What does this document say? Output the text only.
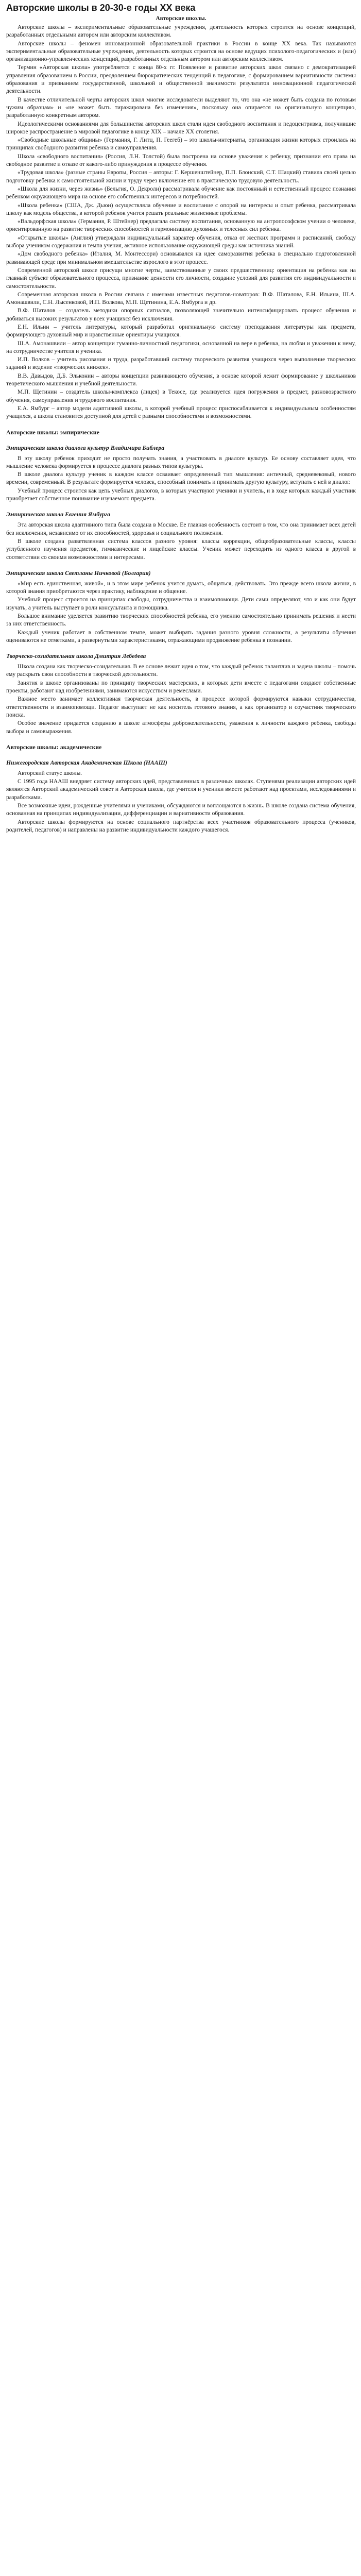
Авторские школы в 20-30-е годы XX века
Авторские школы.

Авторские школы – экспериментальные образовательные учреждения, деятельность которых строится на основе концепций, разработанных отдельными автором или авторским коллективом.

Авторские школы – феномен инновационной образовательной практики в России в конце XX века. Так называются экспериментальные образовательные учреждения, деятельность которых строится на основе ведущих психолого-педагогических и (или) организационно-управленческих концепций, разработанных отдельным автором или авторским коллективом.

Термин «Авторская школа» употребляется с конца 80-х гг. Появление и развитие авторских школ связано с демократизацией управления образованием в России, преодолением бюрократических тенденций в педагогике, с формированием вариативности системы образования и признанием государственной, школьной и общественной значимости результатов инновационной педагогической деятельности.

В качестве отличительной черты авторских школ многие исследователи выделяют то, что она «не может быть создана по готовым чужим образцам» и «не может быть тиражирована без изменения», поскольку она опирается на оригинальную концепцию, разработанную конкретным автором.

Идеологическими основаниями для большинства авторских школ стали идеи свободного воспитания и педоцентризма, получившие широкое распространение в мировой педагогике в конце XIX – начале XX столетия.

«Свободные школьные общины» (Германия, Г. Литц, П. Геегеб) – это школы-интернаты, организация жизни которых строилась на принципах свободного развития ребенка и самоуправления.

Школа «свободного воспитания» (Россия, Л.Н. Толстой) была построена на основе уважения к ребенку, признании его права на свободное развитие и отказе от какого-либо принуждения в процессе обучения.

«Трудовая школа» (разные страны Европы, Россия – авторы: Г. Кершенштейнер, П.П. Блонский, С.Т. Шацкий) ставила своей целью подготовку ребенка к самостоятельной жизни и труду через включение его в практическую трудовую деятельность.

«Школа для жизни, через жизнь» (Бельгия, О. Декроли) рассматривала обучение как постоянный и естественный процесс познания ребенком окружающего мира на основе его собственных интересов и потребностей.

«Школа ребенка» (США, Дж. Дьюи) осуществляла обучение и воспитание с опорой на интересы и опыт ребенка, рассматривала школу как модель общества, в которой ребенок учится решать реальные жизненные проблемы.

«Вальдорфская школа» (Германия, Р. Штейнер) предлагала систему воспитания, основанную на антропософском учении о человеке, ориентированную на развитие творческих способностей и гармонизацию духовных и телесных сил ребенка.

«Открытые школы» (Англия) утверждали индивидуальный характер обучения, отказ от жестких программ и расписаний, свободу выбора учеником содержания и темпа учения, активное использование окружающей среды как источника знаний.

«Дом свободного ребенка» (Италия, М. Монтессори) основывался на идее саморазвития ребенка в специально подготовленной развивающей среде при минимальном вмешательстве взрослого в этот процесс.

Современной авторской школе присущи многие черты, заимствованные у своих предшественниц: ориентация на ребенка как на главный субъект образовательного процесса, признание ценности его личности, создание условий для развития его индивидуальности и самостоятельности.

Современная авторская школа в России связана с именами известных педагогов-новаторов: В.Ф. Шаталова, Е.Н. Ильина, Ш.А. Амонашвили, С.Н. Лысенковой, И.П. Волкова, М.П. Щетинина, Е.А. Ямбурга и др.

В.Ф. Шаталов – создатель методики опорных сигналов, позволяющей значительно интенсифицировать процесс обучения и добиваться высоких результатов у всех учащихся без исключения.

Е.Н. Ильин – учитель литературы, который разработал оригинальную систему преподавания литературы как предмета, формирующего духовный мир и нравственные ориентиры учащихся.

Ш.А. Амонашвили – автор концепции гуманно-личностной педагогики, основанной на вере в ребенка, на любви и уважении к нему, на сотрудничестве учителя и ученика.

И.П. Волков – учитель рисования и труда, разработавший систему творческого развития учащихся через выполнение творческих заданий и ведение «творческих книжек».

В.В. Давыдов, Д.Б. Эльконин – авторы концепции развивающего обучения, в основе которой лежит формирование у школьников теоретического мышления и учебной деятельности.

М.П. Щетинин – создатель школы-комплекса (лицея) в Текосе, где реализуется идея погружения в предмет, разновозрастного обучения, самоуправления и трудового воспитания.

Е.А. Ямбург – автор модели адаптивной школы, в которой учебный процесс приспосабливается к индивидуальным особенностям учащихся, а школа становится доступной для детей с разными способностями и возможностями.

Авторские школы: эмпирические
Эмпирическая школа диалога культур Владимира Библера

В эту школу ребенок приходит не просто получать знания, а участвовать в диалоге культур. Ее основу составляет идея, что мышление человека формируется в процессе диалога разных типов культуры.

В школе диалога культур ученик в каждом классе осваивает определенный тип мышления: античный, средневековый, нового времени, современный. В результате формируется человек, способный понимать и принимать другую культуру, вступать с ней в диалог.

Учебный процесс строится как цепь учебных диалогов, в которых участвуют ученики и учитель, и в ходе которых каждый участник приобретает собственное понимание изучаемого предмета.

Эмпирическая школа Евгения Ямбурга

Эта авторская школа адаптивного типа была создана в Москве. Ее главная особенность состоит в том, что она принимает всех детей без исключения, независимо от их способностей, здоровья и социального положения.

В школе создана разветвленная система классов разного уровня: классы коррекции, общеобразовательные классы, классы углубленного изучения предметов, гимназические и лицейские классы. Ученик может переходить из одного класса в другой в соответствии со своими возможностями и интересами.

Эмпирическая школа Светланы Ничковой (Болгария)

«Мир есть единственная, живой», и в этом мире ребенок учится думать, общаться, действовать. Это прежде всего школа жизни, в которой знания приобретаются через практику, наблюдение и общение.

Учебный процесс строится на принципах свободы, сотрудничества и взаимопомощи. Дети сами определяют, что и как они будут изучать, а учитель выступает в роли консультанта и помощника.

Большое внимание уделяется развитию творческих способностей ребенка, его умению самостоятельно принимать решения и нести за них ответственность.

Каждый ученик работает в собственном темпе, может выбирать задания разного уровня сложности, а результаты обучения оцениваются не отметками, а развернутыми характеристиками, отражающими продвижение ребенка в познании.

Творческо-созидательная школа Дмитрия Лебедева

Школа создана как творческо-созидательная. В ее основе лежит идея о том, что каждый ребенок талантлив и задача школы – помочь ему раскрыть свои способности в творческой деятельности.

Занятия в школе организованы по принципу творческих мастерских, в которых дети вместе с педагогами создают собственные проекты, работают над изобретениями, занимаются искусством и ремеслами.

Важное место занимает коллективная творческая деятельность, в процессе которой формируются навыки сотрудничества, ответственности и взаимопомощи. Педагог выступает не как носитель готового знания, а как организатор и соучастник творческого поиска.

Особое значение придается созданию в школе атмосферы доброжелательности, уважения к личности каждого ребенка, свободы выбора и самовыражения.

Авторские школы: академические
Нижегородская Авторская Академическая Школа (НААШ)

Авторский статус школы.

С 1995 года НААШ внедряет систему авторских идей, представленных в различных школах. Ступенями реализации авторских идей являются Авторский академический совет и Авторская школа, где учителя и ученики вместе работают над проектами, исследованиями и разработками.

Все возможные идеи, рожденные учителями и учениками, обсуждаются и воплощаются в жизнь. В школе создана система обучения, основанная на принципах индивидуализации, дифференциации и вариативности образования.

Авторские школы формируются на основе социального партнёрства всех участников образовательного процесса (учеников, родителей, педагогов) и направлены на развитие индивидуальности каждого учащегося.
